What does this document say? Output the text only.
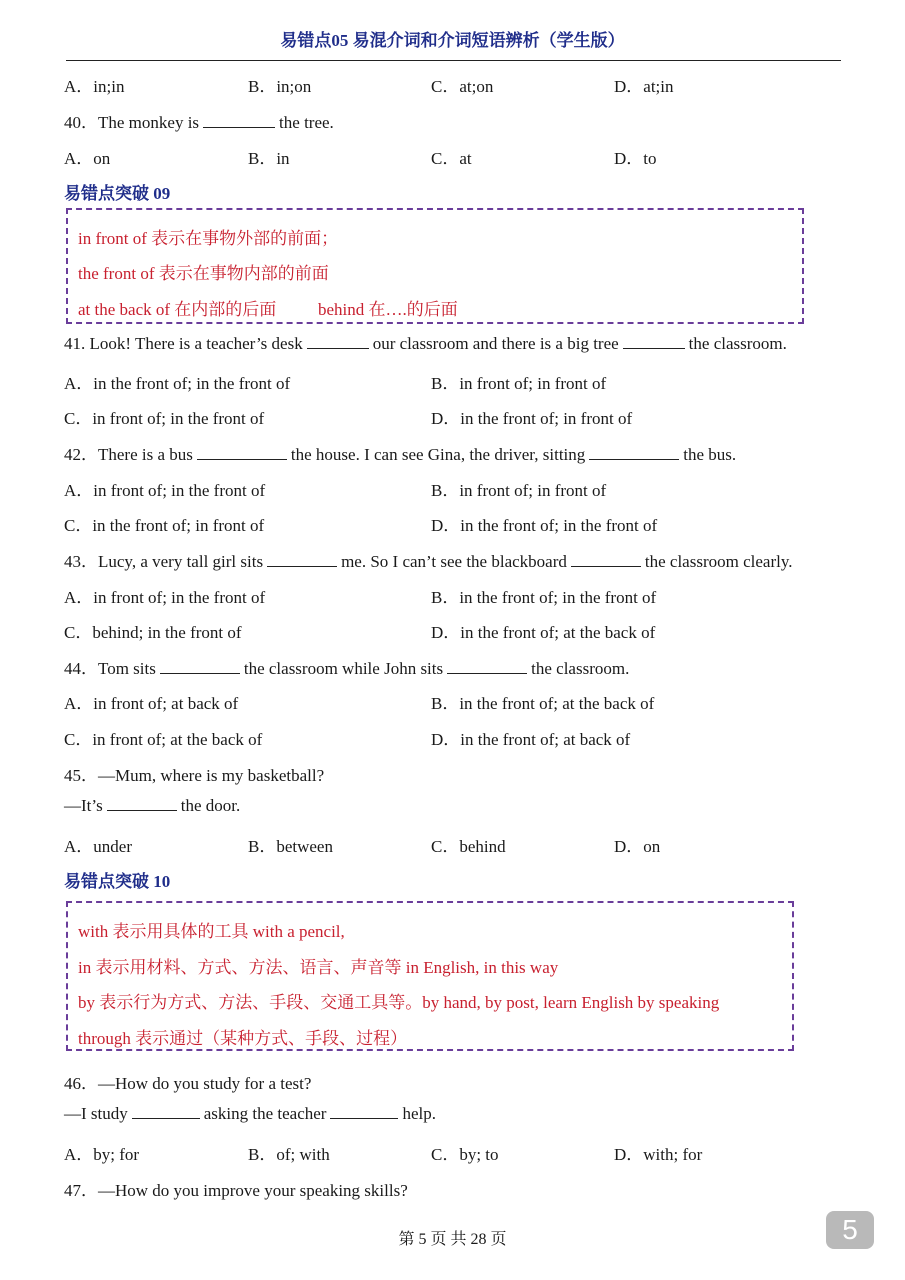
易错点05 易混介词和介词短语辨析（学生版）
A．in;in	B．in;on	C．at;on	D．at;in
40．The monkey is	the tree.
A．on	B．in	C．at	D．to
易错点突破 09
in front of 表示在事物外部的前面；
the front of 表示在事物内部的前面
at the back of 在内部的后面 behind 在….的后面
41. Look! There is a teacher’s desk	our classroom and there is a big tree	the classroom.
A．in the front of; in the front of	B．in front of; in front of
C．in front of; in the front of	D．in the front of; in front of
42．There is a bus	the house. I can see Gina, the driver, sitting	the bus.
A．in front of; in the front of	B．in front of; in front of
C．in the front of; in front of	D．in the front of; in the front of
43．Lucy, a very tall girl sits	me. So I can’t see the blackboard	the classroom clearly.
A．in front of; in the front of	B．in the front of; in the front of
C．behind; in the front of	D．in the front of; at the back of
44．Tom sits	the classroom while John sits	the classroom.
A．in front of; at back of	B．in the front of; at the back of
C．in front of; at the back of	D．in the front of; at back of
45．—Mum, where is my basketball?
—It’s	the door.
A．under	B．between	C．behind	D．on
易错点突破 10
with 表示用具体的工具 with a pencil,
in 表示用材料、方式、方法、语言、声音等 in English, in this way
by 表示行为方式、方法、手段、交通工具等。by hand, by post, learn English by speaking
through 表示通过（某种方式、手段、过程）
46．—How do you study for a test?
—I study	asking the teacher	help.
A．by; for	B．of; with	C．by; to	D．with; for
47．—How do you improve your speaking skills?
第 5 页 共 28 页	5
